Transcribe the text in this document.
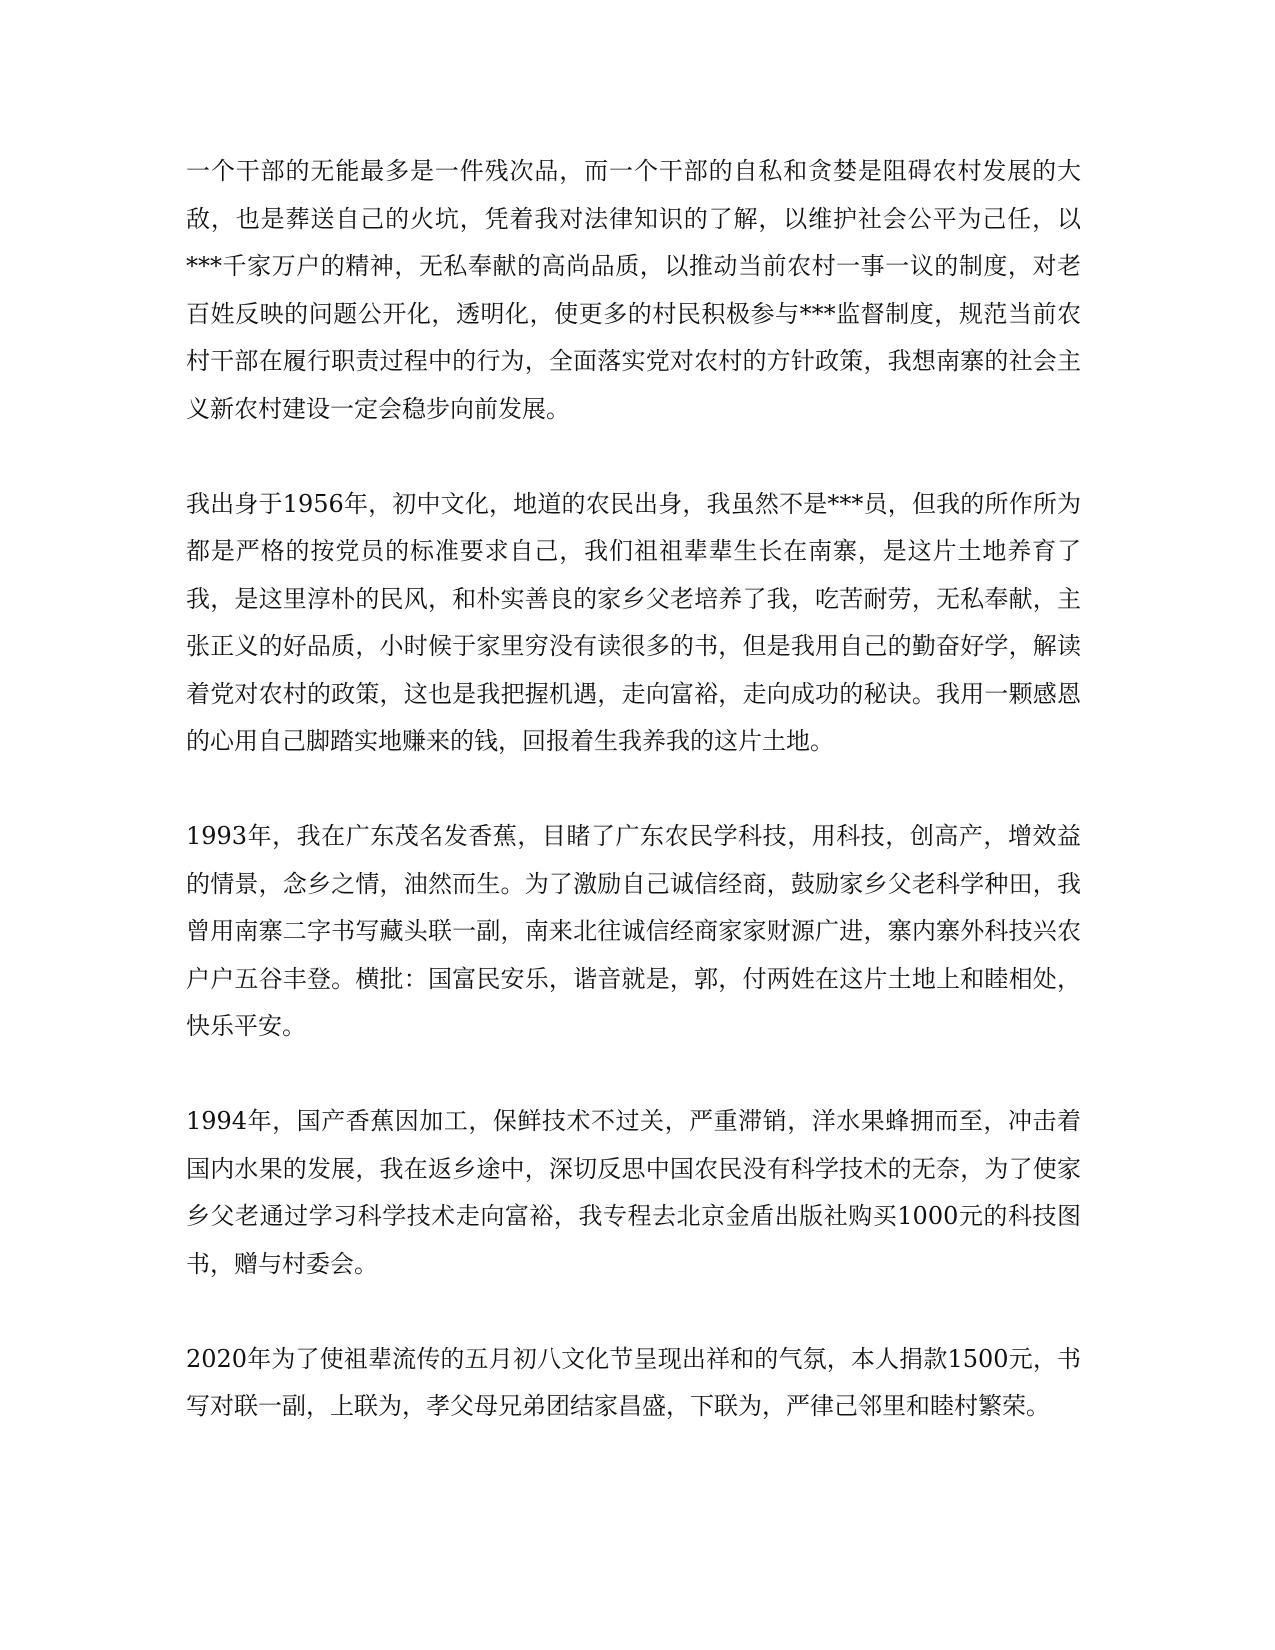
一个干部的无能最多是一件残次品，而一个干部的自私和贪婪是阻碍农村发展的大敌，也是葬送自己的火坑，凭着我对法律知识的了解，以维护社会公平为己任，以***千家万户的精神，无私奉献的高尚品质，以推动当前农村一事一议的制度，对老百姓反映的问题公开化，透明化，使更多的村民积极参与***监督制度，规范当前农村干部在履行职责过程中的行为，全面落实党对农村的方针政策，我想南寨的社会主义新农村建设一定会稳步向前发展。

我出身于1956年，初中文化，地道的农民出身，我虽然不是***员，但我的所作所为都是严格的按党员的标准要求自己，我们祖祖辈辈生长在南寨，是这片土地养育了我，是这里淳朴的民风，和朴实善良的家乡父老培养了我，吃苦耐劳，无私奉献，主张正义的好品质，小时候于家里穷没有读很多的书，但是我用自己的勤奋好学，解读着党对农村的政策，这也是我把握机遇，走向富裕，走向成功的秘诀。我用一颗感恩的心用自己脚踏实地赚来的钱，回报着生我养我的这片土地。

1993年，我在广东茂名发香蕉，目睹了广东农民学科技，用科技，创高产，增效益的情景，念乡之情，油然而生。为了激励自己诚信经商，鼓励家乡父老科学种田，我曾用南寨二字书写藏头联一副，南来北往诚信经商家家财源广进，寨内寨外科技兴农户户五谷丰登。横批：国富民安乐，谐音就是，郭，付两姓在这片土地上和睦相处，快乐平安。

1994年，国产香蕉因加工，保鲜技术不过关，严重滞销，洋水果蜂拥而至，冲击着国内水果的发展，我在返乡途中，深切反思中国农民没有科学技术的无奈，为了使家乡父老通过学习科学技术走向富裕，我专程去北京金盾出版社购买1000元的科技图书，赠与村委会。

2020年为了使祖辈流传的五月初八文化节呈现出祥和的气氛，本人捐款1500元，书写对联一副，上联为，孝父母兄弟团结家昌盛，下联为，严律己邻里和睦村繁荣。
